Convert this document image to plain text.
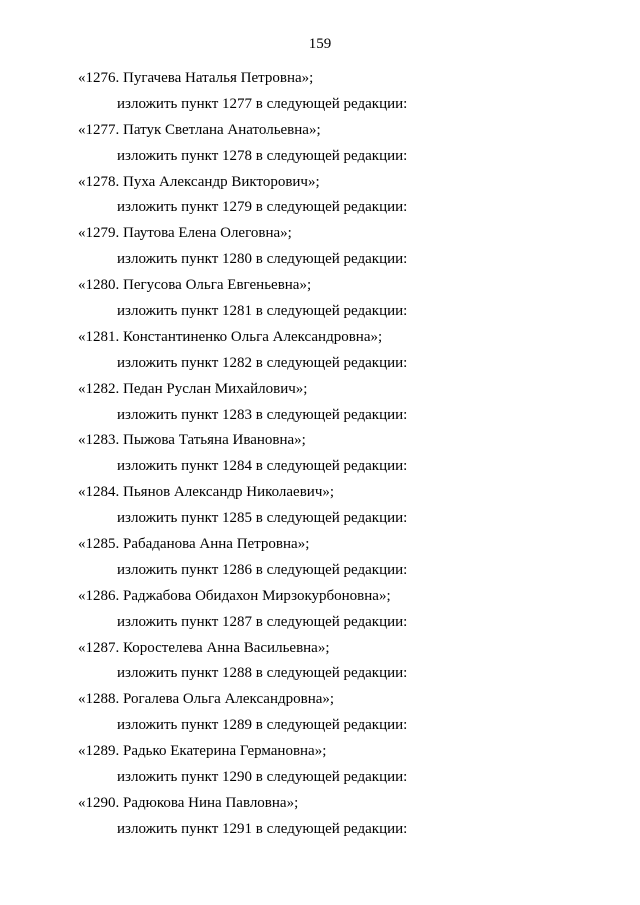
159
«1276. Пугачева Наталья Петровна»;
изложить пункт 1277 в следующей редакции:
«1277. Патук Светлана Анатольевна»;
изложить пункт 1278 в следующей редакции:
«1278. Пуха Александр Викторович»;
изложить пункт 1279 в следующей редакции:
«1279. Паутова Елена Олеговна»;
изложить пункт 1280 в следующей редакции:
«1280. Пегусова Ольга Евгеньевна»;
изложить пункт 1281 в следующей редакции:
«1281. Константиненко Ольга Александровна»;
изложить пункт 1282 в следующей редакции:
«1282. Педан Руслан Михайлович»;
изложить пункт 1283 в следующей редакции:
«1283. Пыжова Татьяна Ивановна»;
изложить пункт 1284 в следующей редакции:
«1284. Пьянов Александр Николаевич»;
изложить пункт 1285 в следующей редакции:
«1285. Рабаданова Анна Петровна»;
изложить пункт 1286 в следующей редакции:
«1286. Раджабова Обидахон Мирзокурбоновна»;
изложить пункт 1287 в следующей редакции:
«1287. Коростелева Анна Васильевна»;
изложить пункт 1288 в следующей редакции:
«1288. Рогалева Ольга Александровна»;
изложить пункт 1289 в следующей редакции:
«1289. Радько Екатерина Германовна»;
изложить пункт 1290 в следующей редакции:
«1290. Радюкова Нина Павловна»;
изложить пункт 1291 в следующей редакции:
